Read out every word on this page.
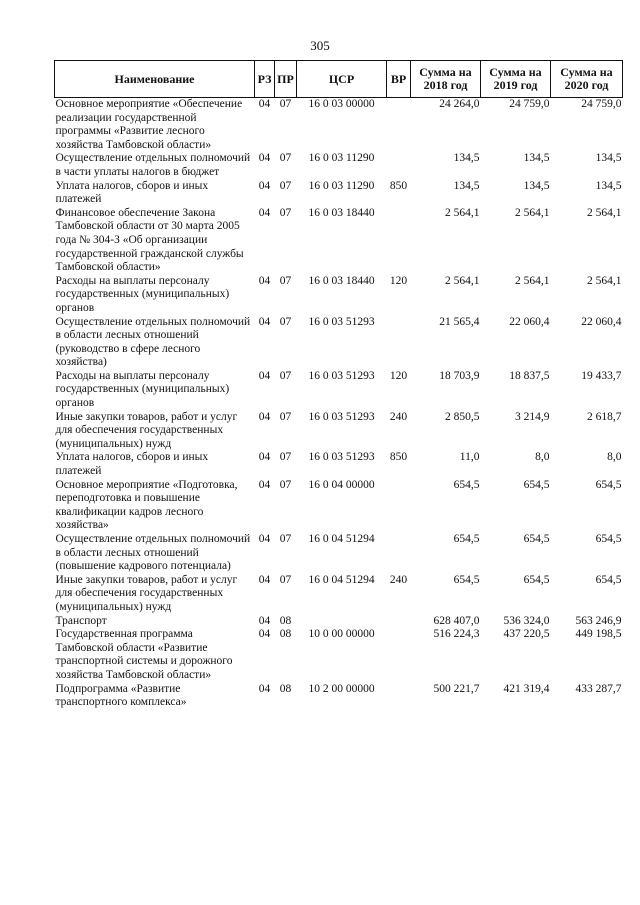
305
Наименование	РЗ	ПР	ЦСР	ВР	Сумма на 2018 год	Сумма на 2019 год	Сумма на 2020 год
Основное мероприятие «Обеспечение реализации государственной программы «Развитие лесного хозяйства Тамбовской области»	04	07	16 0 03 00000		24 264,0	24 759,0	24 759,0
Осуществление отдельных полномочий в части уплаты налогов в бюджет	04	07	16 0 03 11290		134,5	134,5	134,5
Уплата налогов, сборов и иных платежей	04	07	16 0 03 11290	850	134,5	134,5	134,5
Финансовое обеспечение Закона Тамбовской области от 30 марта 2005 года № 304-З «Об организации государственной гражданской службы Тамбовской области»	04	07	16 0 03 18440		2 564,1	2 564,1	2 564,1
Расходы на выплаты персоналу государственных (муниципальных) органов	04	07	16 0 03 18440	120	2 564,1	2 564,1	2 564,1
Осуществление отдельных полномочий в области лесных отношений (руководство в сфере лесного хозяйства)	04	07	16 0 03 51293		21 565,4	22 060,4	22 060,4
Расходы на выплаты персоналу государственных (муниципальных) органов	04	07	16 0 03 51293	120	18 703,9	18 837,5	19 433,7
Иные закупки товаров, работ и услуг для обеспечения государственных (муниципальных) нужд	04	07	16 0 03 51293	240	2 850,5	3 214,9	2 618,7
Уплата налогов, сборов и иных платежей	04	07	16 0 03 51293	850	11,0	8,0	8,0
Основное мероприятие «Подготовка, переподготовка и повышение квалификации кадров лесного хозяйства»	04	07	16 0 04 00000		654,5	654,5	654,5
Осуществление отдельных полномочий в области лесных отношений (повышение кадрового потенциала)	04	07	16 0 04 51294		654,5	654,5	654,5
Иные закупки товаров, работ и услуг для обеспечения государственных (муниципальных) нужд	04	07	16 0 04 51294	240	654,5	654,5	654,5
Транспорт	04	08			628 407,0	536 324,0	563 246,9
Государственная программа Тамбовской области «Развитие транспортной системы и дорожного хозяйства Тамбовской области»	04	08	10 0 00 00000		516 224,3	437 220,5	449 198,5
Подпрограмма «Развитие транспортного комплекса»	04	08	10 2 00 00000		500 221,7	421 319,4	433 287,7
